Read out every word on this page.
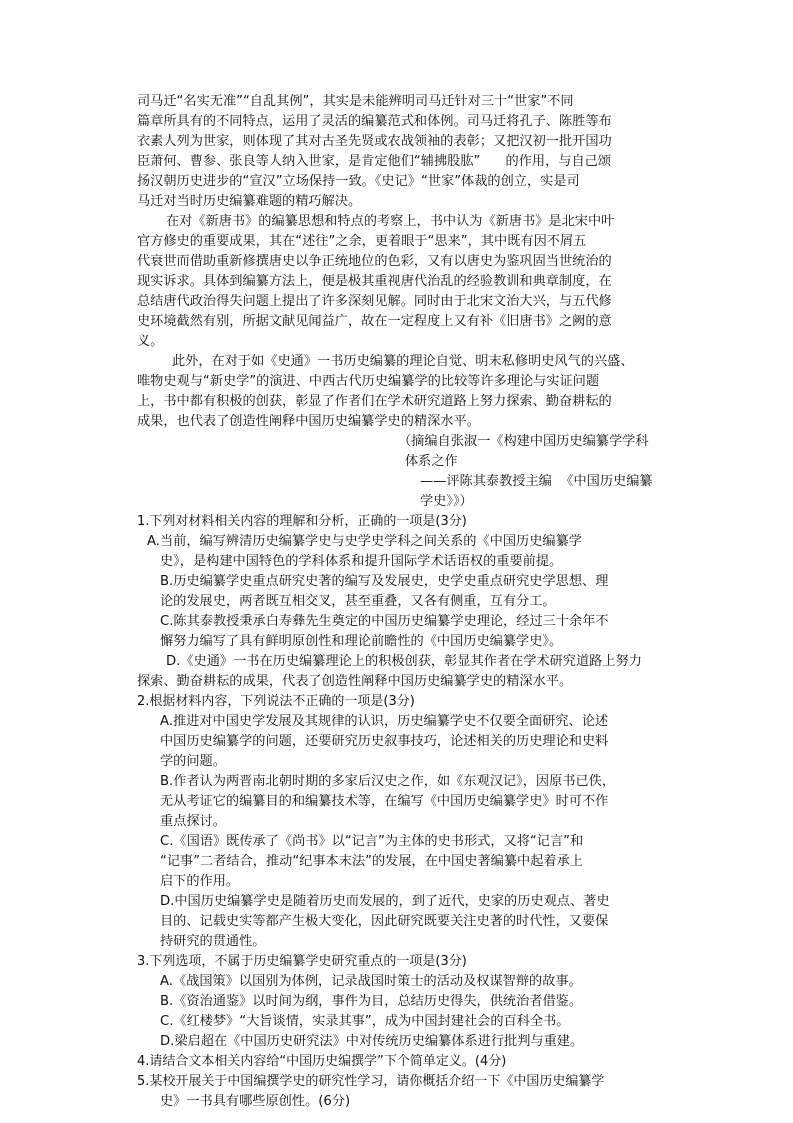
司马迁“名实无准”“自乱其例”，其实是未能辨明司马迁针对三十“世家”不同
篇章所具有的不同特点，运用了灵活的编纂范式和体例。司马迁将孔子、陈胜等布
衣素人列为世家，则体现了其对古圣先贤或农战领袖的表彰；又把汉初一批开国功
臣萧何、曹参、张良等人纳入世家，是肯定他们“辅拂股肱”      的作用，与自己颂
扬汉朝历史进步的“宣汉”立场保持一致。《史记》“世家”体裁的创立，实是司
马迁对当时历史编纂难题的精巧解决。
在对《新唐书》的编纂思想和特点的考察上，书中认为《新唐书》是北宋中叶
官方修史的重要成果，其在“述往”之余，更着眼于“思来”，其中既有因不屑五
代衰世而借助重新修撰唐史以争正统地位的色彩，又有以唐史为鉴巩固当世统治的
现实诉求。具体到编纂方法上，便是极其重视唐代治乱的经验教训和典章制度，在
总结唐代政治得失问题上提出了许多深刻见解。同时由于北宋文治大兴，与五代修
史环境截然有别，所据文献见闻益广，故在一定程度上又有补《旧唐书》之阙的意
义。
此外，在对于如《史通》一书历史编纂的理论自觉、明末私修明史风气的兴盛、
唯物史观与“新史学”的演进、中西古代历史编纂学的比较等许多理论与实证问题
上，书中都有积极的创获，彰显了作者们在学术研究道路上努力探索、勤奋耕耘的
成果，也代表了创造性阐释中国历史编纂学史的精深水平。
（摘编自张淑一《构建中国历史编纂学学科
体系之作
——评陈其泰教授主编  《中国历史编纂
学史》》）
1.下列对材料相关内容的理解和分析，正确的一项是(3分)
A.当前，编写辨清历史编纂学史与史学史学科之间关系的《中国历史编纂学
史》，是构建中国特色的学科体系和提升国际学术话语权的重要前提。
B.历史编纂学史重点研究史著的编写及发展史，史学史重点研究史学思想、理
论的发展史，两者既互相交叉，甚至重叠，又各有侧重，互有分工。
C.陈其泰教授秉承白寿彝先生奠定的中国历史编纂学史理论，经过三十余年不
懈努力编写了具有鲜明原创性和理论前瞻性的《中国历史编纂学史》。
D.《史通》一书在历史编纂理论上的积极创获，彰显其作者在学术研究道路上努力
探索、勤奋耕耘的成果，代表了创造性阐释中国历史编纂学史的精深水平。
2.根据材料内容，下列说法不正确的一项是(3分)
A.推进对中国史学发展及其规律的认识，历史编纂学史不仅要全面研究、论述
中国历史编纂学的问题，还要研究历史叙事技巧，论述相关的历史理论和史料
学的问题。
B.作者认为两晋南北朝时期的多家后汉史之作，如《东观汉记》，因原书已佚，
无从考证它的编纂目的和编纂技术等，在编写《中国历史编纂学史》时可不作
重点探讨。
C.《国语》既传承了《尚书》以“记言”为主体的史书形式，又将“记言”和
“记事”二者结合，推动“纪事本末法”的发展，在中国史著编纂中起着承上
启下的作用。
D.中国历史编纂学史是随着历史而发展的，到了近代，史家的历史观点、著史
目的、记载史实等都产生极大变化，因此研究既要关注史著的时代性，又要保
持研究的贯通性。
3.下列选项，不属于历史编纂学史研究重点的一项是(3分)
A.《战国策》以国别为体例，记录战国时策士的活动及权谋智辩的故事。
B.《资治通鉴》以时间为纲，事件为目，总结历史得失，供统治者借鉴。
C.《红楼梦》“大旨谈情，实录其事”，成为中国封建社会的百科全书。
D.梁启超在《中国历史研究法》中对传统历史编纂体系进行批判与重建。
4.请结合文本相关内容给“中国历史编撰学”下个简单定义。(4分)
5.某校开展关于中国编撰学史的研究性学习，请你概括介绍一下《中国历史编纂学
史》一书具有哪些原创性。(6分)
